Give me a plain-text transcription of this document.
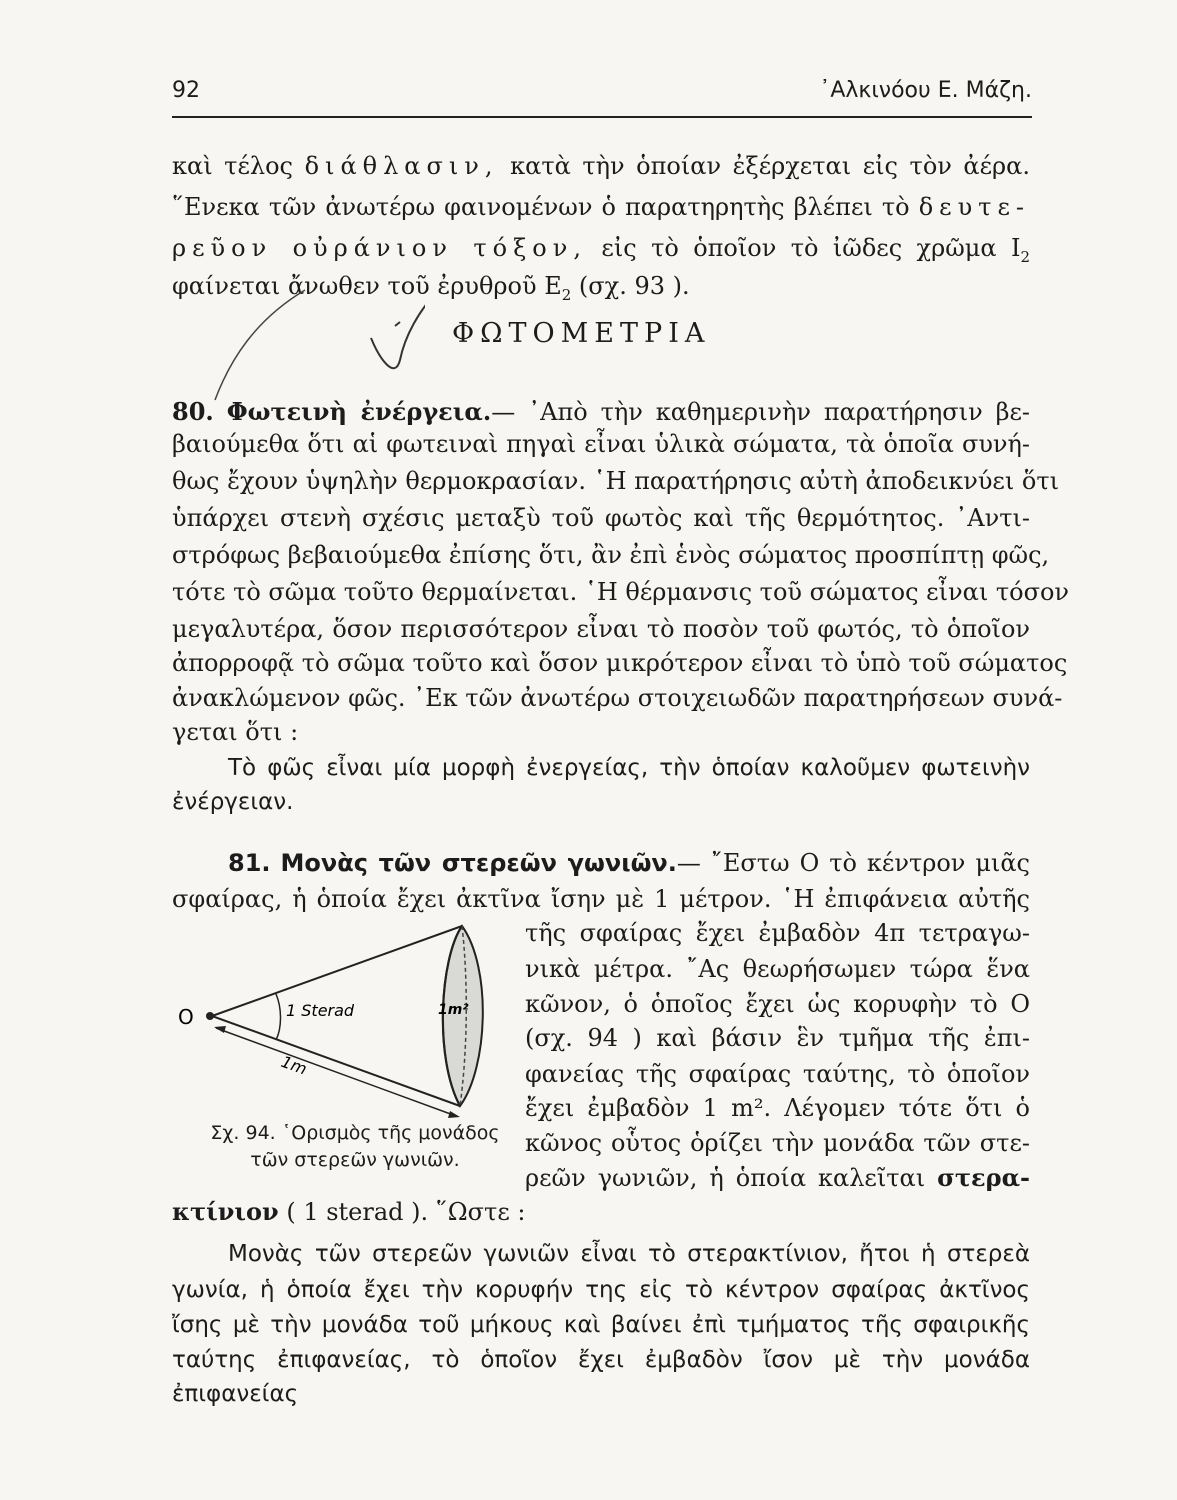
92	᾽Αλκινόου Ε. Μάζη.
καὶ τέλος διάθλασιν, κατὰ τὴν ὁποίαν ἐξέρχεται εἰς τὸν ἀέρα.
῞Ενεκα τῶν ἀνωτέρω φαινομένων ὁ παρατηρητὴς βλέπει τὸ δευτε-
ρεῦον οὐράνιον τόξον, εἰς τὸ ὁποῖον τὸ ἰῶδες χρῶμα $I_2$
φαίνεται ἄνωθεν τοῦ ἐρυθροῦ $E_2$ (σχ. 93 ).
ΦΩΤΟΜΕΤΡΙΑ
80. Φωτεινὴ ἐνέργεια.— ᾽Απὸ τὴν καθημερινὴν παρατήρησιν βε-
βαιούμεθα ὅτι αἱ φωτειναὶ πηγαὶ εἶναι ὑλικὰ σώματα, τὰ ὁποῖα συνή-
θως ἔχουν ὑψηλὴν θερμοκρασίαν. ῾Η παρατήρησις αὐτὴ ἀποδεικνύει ὅτι
ὑπάρχει στενὴ σχέσις μεταξὺ τοῦ φωτὸς καὶ τῆς θερμότητος. ᾽Αντι-
στρόφως βεβαιούμεθα ἐπίσης ὅτι, ἂν ἐπὶ ἑνὸς σώματος προσπίπτῃ φῶς,
τότε τὸ σῶμα τοῦτο θερμαίνεται. ῾Η θέρμανσις τοῦ σώματος εἶναι τόσον
μεγαλυτέρα, ὅσον περισσότερον εἶναι τὸ ποσὸν τοῦ φωτός, τὸ ὁποῖον
ἀπορροφᾷ τὸ σῶμα τοῦτο καὶ ὅσον μικρότερον εἶναι τὸ ὑπὸ τοῦ σώματος
ἀνακλώμενον φῶς. ᾽Εκ τῶν ἀνωτέρω στοιχειωδῶν παρατηρήσεων συνά-
γεται ὅτι :
Τὸ φῶς εἶναι μία μορφὴ ἐνεργείας, τὴν ὁποίαν καλοῦμεν φωτεινὴν
ἐνέργειαν.
81. Μονὰς τῶν στερεῶν γωνιῶν.— ῎Εστω Ο τὸ κέντρον μιᾶς
σφαίρας, ἡ ὁποία ἔχει ἀκτῖνα ἴσην μὲ 1 μέτρον. ῾Η ἐπιφάνεια αὐτῆς
τῆς σφαίρας ἔχει ἐμβαδὸν 4π τετραγω-
νικὰ μέτρα. ῎Ας θεωρήσωμεν τώρα ἕνα
κῶνον, ὁ ὁποῖος ἔχει ὡς κορυφὴν τὸ Ο
(σχ. 94 ) καὶ βάσιν ἓν τμῆμα τῆς ἐπι-
φανείας τῆς σφαίρας ταύτης, τὸ ὁποῖον
ἔχει ἐμβαδὸν 1 m². Λέγομεν τότε ὅτι ὁ
κῶνος οὗτος ὁρίζει τὴν μονάδα τῶν στε-
ρεῶν γωνιῶν, ἡ ὁποία καλεῖται στερα-
κτίνιον ( 1 sterad ). ῞Ωστε :
Μονὰς τῶν στερεῶν γωνιῶν εἶναι τὸ στερακτίνιον, ἤτοι ἡ στερεὰ
γωνία, ἡ ὁποία ἔχει τὴν κορυφήν της εἰς τὸ κέντρον σφαίρας ἀκτῖνος
ἴσης μὲ τὴν μονάδα τοῦ μήκους καὶ βαίνει ἐπὶ τμήματος τῆς σφαιρικῆς
ταύτης ἐπιφανείας, τὸ ὁποῖον ἔχει ἐμβαδὸν ἴσον μὲ τὴν μονάδα
ἐπιφανείας
O	1 Sterad	1m²
1m
Σχ. 94. ῾Ορισμὸς τῆς μονάδος
τῶν στερεῶν γωνιῶν.
